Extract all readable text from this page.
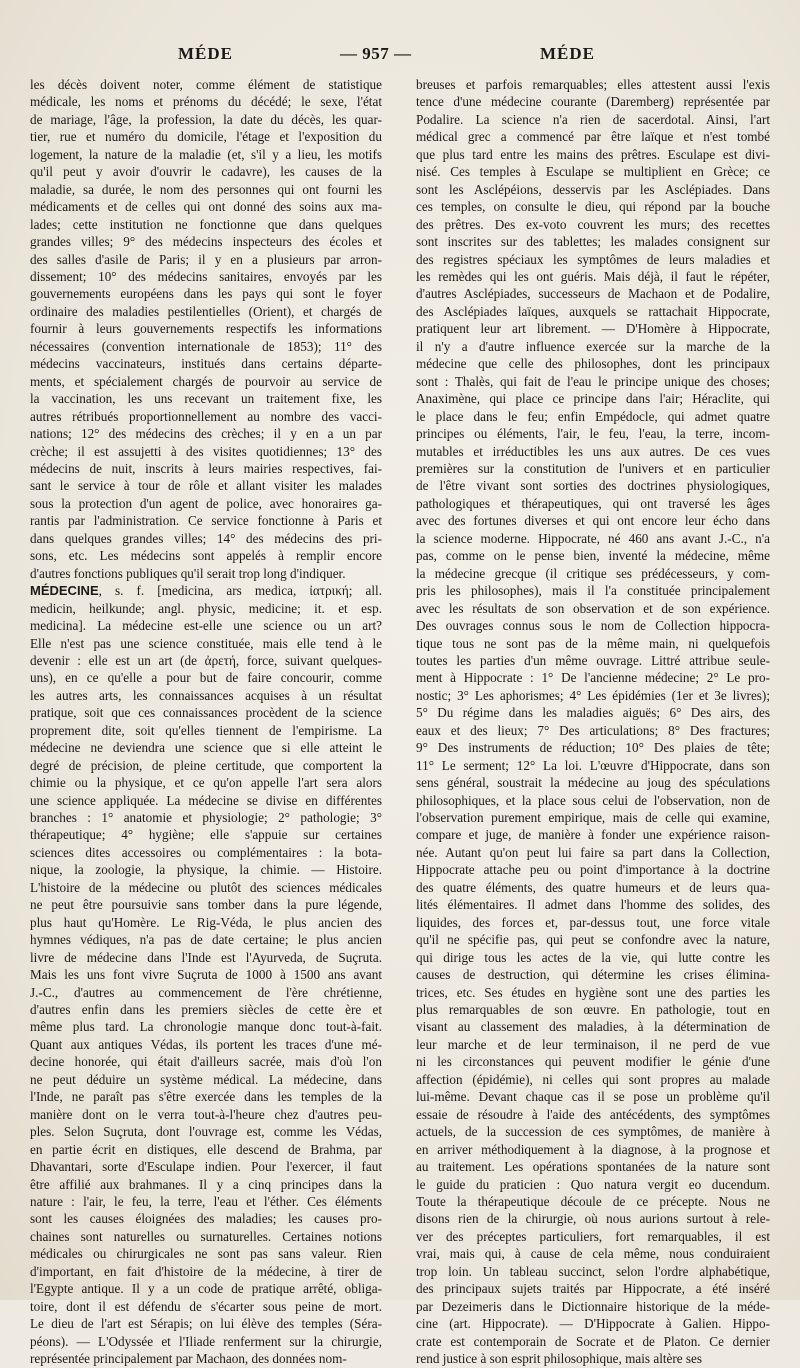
MÉDE	— 957 —	MÉDE
les décès doivent noter, comme élément de statistique
médicale, les noms et prénoms du décédé; le sexe, l'état
de mariage, l'âge, la profession, la date du décès, les quar-
tier, rue et numéro du domicile, l'étage et l'exposition du
logement, la nature de la maladie (et, s'il y a lieu, les motifs
qu'il peut y avoir d'ouvrir le cadavre), les causes de la
maladie, sa durée, le nom des personnes qui ont fourni les
médicaments et de celles qui ont donné des soins aux ma-
lades; cette institution ne fonctionne que dans quelques
grandes villes; 9° des médecins inspecteurs des écoles et
des salles d'asile de Paris; il y en a plusieurs par arron-
dissement; 10° des médecins sanitaires, envoyés par les
gouvernements européens dans les pays qui sont le foyer
ordinaire des maladies pestilentielles (Orient), et chargés de
fournir à leurs gouvernements respectifs les informations
nécessaires (convention internationale de 1853); 11° des
médecins vaccinateurs, institués dans certains départe-
ments, et spécialement chargés de pourvoir au service de
la vaccination, les uns recevant un traitement fixe, les
autres rétribués proportionnellement au nombre des vacci-
nations; 12° des médecins des crèches; il y en a un par
crèche; il est assujetti à des visites quotidiennes; 13° des
médecins de nuit, inscrits à leurs mairies respectives, fai-
sant le service à tour de rôle et allant visiter les malades
sous la protection d'un agent de police, avec honoraires ga-
rantis par l'administration. Ce service fonctionne à Paris et
dans quelques grandes villes; 14° des médecins des pri-
sons, etc. Les médecins sont appelés à remplir encore
d'autres fonctions publiques qu'il serait trop long d'indiquer.
MÉDECINE, s. f. [medicina, ars medica, ἰατρική; all.
medicin, heilkunde; angl. physic, medicine; it. et esp.
medicina]. La médecine est-elle une science ou un art?
Elle n'est pas une science constituée, mais elle tend à le
devenir : elle est un art (de ἀρετή, force, suivant quelques-
uns), en ce qu'elle a pour but de faire concourir, comme
les autres arts, les connaissances acquises à un résultat
pratique, soit que ces connaissances procèdent de la science
proprement dite, soit qu'elles tiennent de l'empirisme. La
médecine ne deviendra une science que si elle atteint le
degré de précision, de pleine certitude, que comportent la
chimie ou la physique, et ce qu'on appelle l'art sera alors
une science appliquée. La médecine se divise en différentes
branches : 1° anatomie et physiologie; 2° pathologie; 3°
thérapeutique; 4° hygiène; elle s'appuie sur certaines
sciences dites accessoires ou complémentaires : la bota-
nique, la zoologie, la physique, la chimie. — Histoire.
L'histoire de la médecine ou plutôt des sciences médicales
ne peut être poursuivie sans tomber dans la pure légende,
plus haut qu'Homère. Le Rig-Véda, le plus ancien des
hymnes védiques, n'a pas de date certaine; le plus ancien
livre de médecine dans l'Inde est l'Ayurveda, de Suçruta.
Mais les uns font vivre Suçruta de 1000 à 1500 ans avant
J.-C., d'autres au commencement de l'ère chrétienne,
d'autres enfin dans les premiers siècles de cette ère et
même plus tard. La chronologie manque donc tout-à-fait.
Quant aux antiques Védas, ils portent les traces d'une mé-
decine honorée, qui était d'ailleurs sacrée, mais d'où l'on
ne peut déduire un système médical. La médecine, dans
l'Inde, ne paraît pas s'être exercée dans les temples de la
manière dont on le verra tout-à-l'heure chez d'autres peu-
ples. Selon Suçruta, dont l'ouvrage est, comme les Védas,
en partie écrit en distiques, elle descend de Brahma, par
Dhavantari, sorte d'Esculape indien. Pour l'exercer, il faut
être affilié aux brahmanes. Il y a cinq principes dans la
nature : l'air, le feu, la terre, l'eau et l'éther. Ces éléments
sont les causes éloignées des maladies; les causes pro-
chaines sont naturelles ou surnaturelles. Certaines notions
médicales ou chirurgicales ne sont pas sans valeur. Rien
d'important, en fait d'histoire de la médecine, à tirer de
l'Egypte antique. Il y a un code de pratique arrêté, obliga-
toire, dont il est défendu de s'écarter sous peine de mort.
Le dieu de l'art est Sérapis; on lui élève des temples (Séra-
péons). — L'Odyssée et l'Iliade renferment sur la chirurgie,
représentée principalement par Machaon, des données nom-
breuses et parfois remarquables; elles attestent aussi l'exis
tence d'une médecine courante (Daremberg) représentée par
Podalire. La science n'a rien de sacerdotal. Ainsi, l'art
médical grec a commencé par être laïque et n'est tombé
que plus tard entre les mains des prêtres. Esculape est divi-
nisé. Ces temples à Esculape se multiplient en Grèce; ce
sont les Asclépéions, desservis par les Asclépiades. Dans
ces temples, on consulte le dieu, qui répond par la bouche
des prêtres. Des ex-voto couvrent les murs; des recettes
sont inscrites sur des tablettes; les malades consignent sur
des registres spéciaux les symptômes de leurs maladies et
les remèdes qui les ont guéris. Mais déjà, il faut le répéter,
d'autres Asclépiades, successeurs de Machaon et de Podalire,
des Asclépiades laïques, auxquels se rattachait Hippocrate,
pratiquent leur art librement. — D'Homère à Hippocrate,
il n'y a d'autre influence exercée sur la marche de la
médecine que celle des philosophes, dont les principaux
sont : Thalès, qui fait de l'eau le principe unique des choses;
Anaximène, qui place ce principe dans l'air; Héraclite, qui
le place dans le feu; enfin Empédocle, qui admet quatre
principes ou éléments, l'air, le feu, l'eau, la terre, incom-
mutables et irréductibles les uns aux autres. De ces vues
premières sur la constitution de l'univers et en particulier
de l'être vivant sont sorties des doctrines physiologiques,
pathologiques et thérapeutiques, qui ont traversé les âges
avec des fortunes diverses et qui ont encore leur écho dans
la science moderne. Hippocrate, né 460 ans avant J.-C., n'a
pas, comme on le pense bien, inventé la médecine, même
la médecine grecque (il critique ses prédécesseurs, y com-
pris les philosophes), mais il l'a constituée principalement
avec les résultats de son observation et de son expérience.
Des ouvrages connus sous le nom de Collection hippocra-
tique tous ne sont pas de la même main, ni quelquefois
toutes les parties d'un même ouvrage. Littré attribue seule-
ment à Hippocrate : 1° De l'ancienne médecine; 2° Le pro-
nostic; 3° Les aphorismes; 4° Les épidémies (1er et 3e livres);
5° Du régime dans les maladies aiguës; 6° Des airs, des
eaux et des lieux; 7° Des articulations; 8° Des fractures;
9° Des instruments de réduction; 10° Des plaies de tête;
11° Le serment; 12° La loi. L'œuvre d'Hippocrate, dans son
sens général, soustrait la médecine au joug des spéculations
philosophiques, et la place sous celui de l'observation, non de
l'observation purement empirique, mais de celle qui examine,
compare et juge, de manière à fonder une expérience raison-
née. Autant qu'on peut lui faire sa part dans la Collection,
Hippocrate attache peu ou point d'importance à la doctrine
des quatre éléments, des quatre humeurs et de leurs qua-
lités élémentaires. Il admet dans l'homme des solides, des
liquides, des forces et, par-dessus tout, une force vitale
qu'il ne spécifie pas, qui peut se confondre avec la nature,
qui dirige tous les actes de la vie, qui lutte contre les
causes de destruction, qui détermine les crises élimina-
trices, etc. Ses études en hygiène sont une des parties les
plus remarquables de son œuvre. En pathologie, tout en
visant au classement des maladies, à la détermination de
leur marche et de leur terminaison, il ne perd de vue
ni les circonstances qui peuvent modifier le génie d'une
affection (épidémie), ni celles qui sont propres au malade
lui-même. Devant chaque cas il se pose un problème qu'il
essaie de résoudre à l'aide des antécédents, des symptômes
actuels, de la succession de ces symptômes, de manière à
en arriver méthodiquement à la diagnose, à la prognose et
au traitement. Les opérations spontanées de la nature sont
le guide du praticien : Quo natura vergit eo ducendum.
Toute la thérapeutique découle de ce précepte. Nous ne
disons rien de la chirurgie, où nous aurions surtout à rele-
ver des préceptes particuliers, fort remarquables, il est
vrai, mais qui, à cause de cela même, nous conduiraient
trop loin. Un tableau succinct, selon l'ordre alphabétique,
des principaux sujets traités par Hippocrate, a été inséré
par Dezeimeris dans le Dictionnaire historique de la méde-
cine (art. Hippocrate). — D'Hippocrate à Galien. Hippo-
crate est contemporain de Socrate et de Platon. Ce dernier
rend justice à son esprit philosophique, mais altère ses
